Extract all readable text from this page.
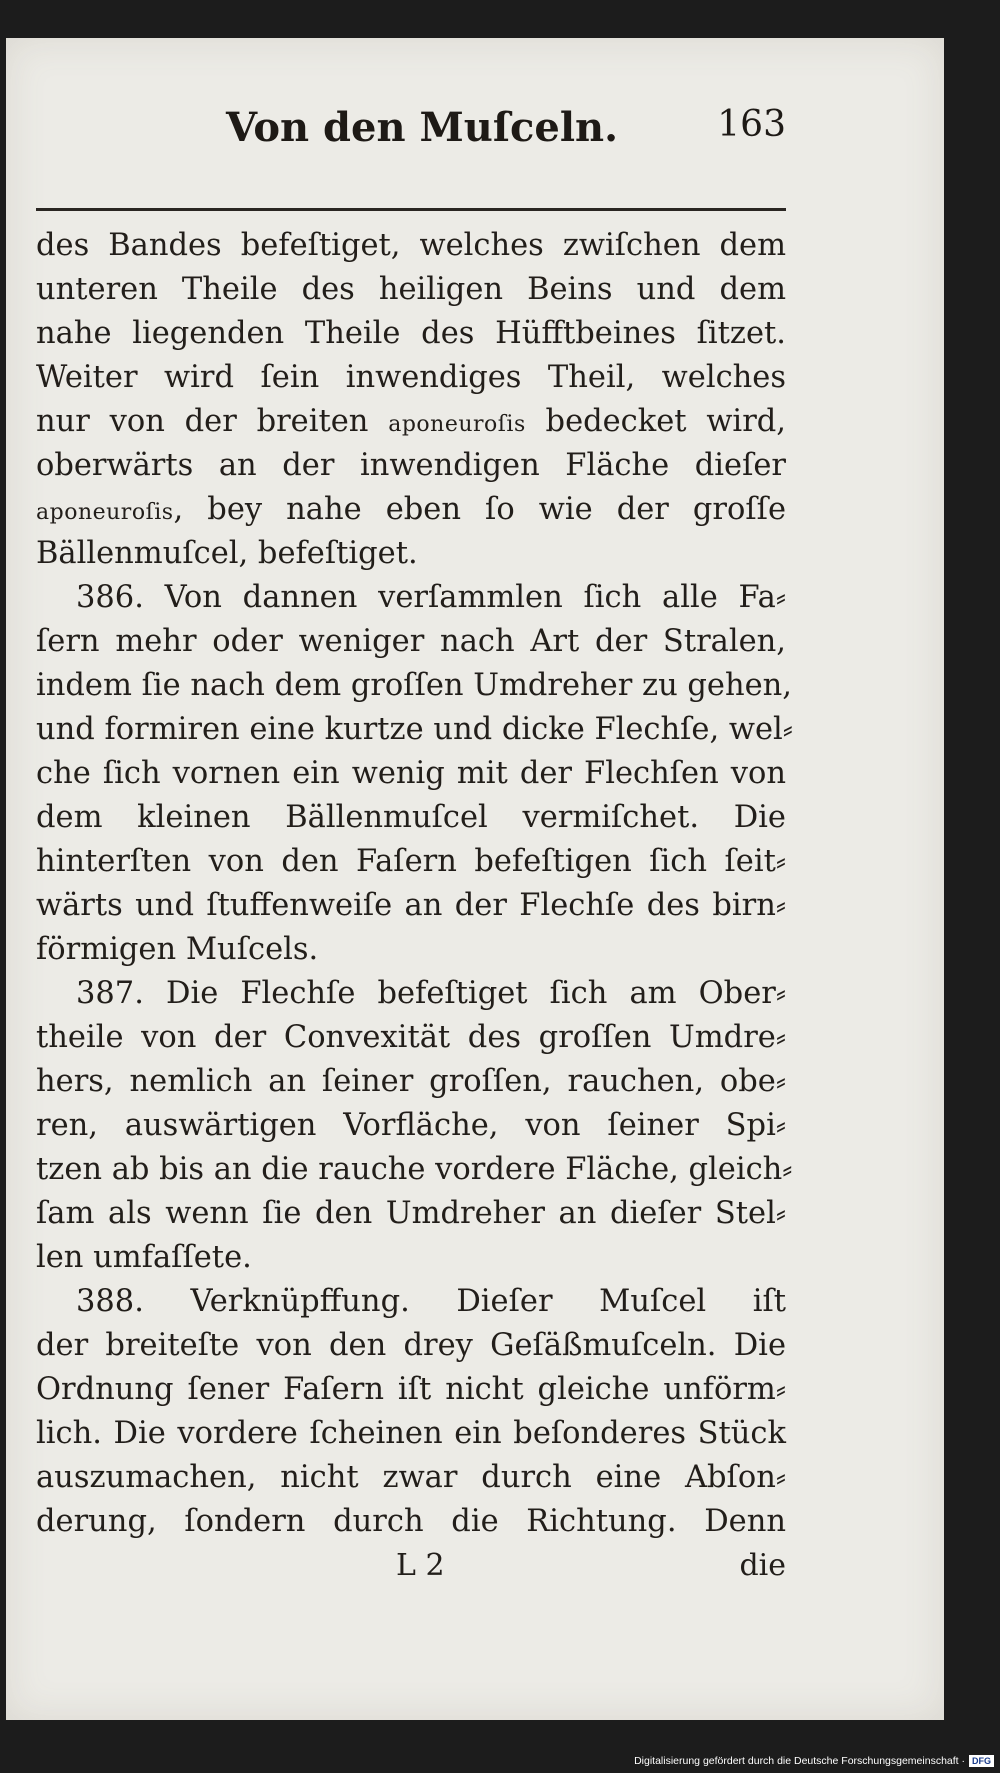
Von den Muſceln.	163
des Bandes befeſtiget, welches zwiſchen dem
unteren Theile des heiligen Beins und dem
nahe liegenden Theile des Hüfftbeines ſitzet.
Weiter wird ſein inwendiges Theil, welches
nur von der breiten aponeuroſis bedecket wird,
oberwärts an der inwendigen Fläche dieſer
aponeuroſis, bey nahe eben ſo wie der groſſe
Bällenmuſcel, befeſtiget.
386. Von dannen verſammlen ſich alle Fa⸗
ſern mehr oder weniger nach Art der Stralen,
indem ſie nach dem groſſen Umdreher zu gehen,
und formiren eine kurtze und dicke Flechſe, wel⸗
che ſich vornen ein wenig mit der Flechſen von
dem kleinen Bällenmuſcel vermiſchet. Die
hinterſten von den Faſern befeſtigen ſich ſeit⸗
wärts und ſtuffenweiſe an der Flechſe des birn⸗
förmigen Muſcels.
387. Die Flechſe befeſtiget ſich am Ober⸗
theile von der Convexität des groſſen Umdre⸗
hers, nemlich an ſeiner groſſen, rauchen, obe⸗
ren, auswärtigen Vorfläche, von ſeiner Spi⸗
tzen ab bis an die rauche vordere Fläche, gleich⸗
ſam als wenn ſie den Umdreher an dieſer Stel⸗
len umfaſſete.
388. Verknüpffung. Dieſer Muſcel iſt
der breiteſte von den drey Geſäßmuſceln. Die
Ordnung ſener Faſern iſt nicht gleiche unförm⸗
lich. Die vordere ſcheinen ein beſonderes Stück
auszumachen, nicht zwar durch eine Abſon⸗
derung, ſondern durch die Richtung. Denn
L 2	die
Digitalisierung gefördert durch die Deutsche Forschungsgemeinschaft · DFG
